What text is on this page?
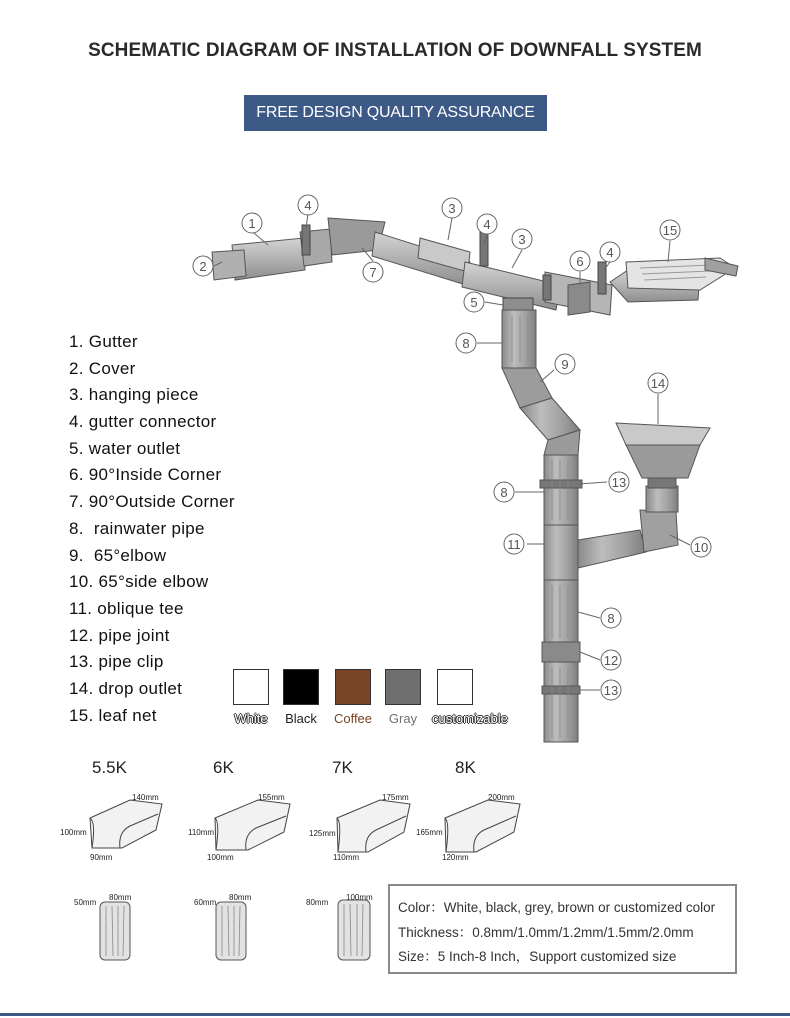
SCHEMATIC DIAGRAM OF INSTALLATION OF DOWNFALL SYSTEM
FREE DESIGN QUALITY ASSURANCE
1
4
2
3
4
3
7
6
4
15
5
8
9
14
13
8
11	10
8
12
13
1. Gutter
2. Cover
3. hanging piece
4. gutter connector
5. water outlet
6. 90°Inside Corner
7. 90°Outside Corner
8.  rainwater pipe
9.  65°elbow
10. 65°side elbow
11. oblique tee
12. pipe joint
13. pipe clip
14. drop outlet
15. leaf net	White	Black	Coffee	Gray	customizable
5.5K	6K	7K	8K
140mm
100mm
90mm
155mm
110mm
100mm
175mm
125mm
110mm
200mm
165mm
120mm
50mm
80mm
60mm
80mm
80mm
100mm
Color：White, black, grey, brown or customized color
Thickness：0.8mm/1.0mm/1.2mm/1.5mm/2.0mm
Size：5 Inch-8 Inch，Support customized size
